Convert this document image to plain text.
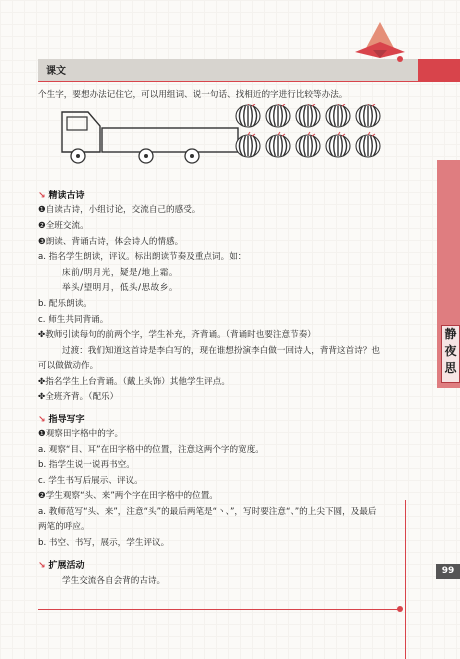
课文
个生字，要想办法记住它，可以用组词、说一句话、找相近的字进行比较等办法。
↘ 精读古诗
❶自读古诗，小组讨论，交流自己的感受。
❷全班交流。
❸朗读、背诵古诗，体会诗人的情感。
a. 指名学生朗读，评议。标出朗读节奏及重点词。如：
床前/明月光，疑是/地上霜。
举头/望明月，低头/思故乡。
b. 配乐朗读。
c. 师生共同背诵。
✤教师引读每句的前两个字，学生补充，齐背诵。（背诵时也要注意节奏）
过渡：我们知道这首诗是李白写的，现在谁想扮演李白做一回诗人，背背这首诗？也
可以做做动作。
✤指名学生上台背诵。（戴上头饰）其他学生评点。
✤全班齐背。（配乐）
↘ 指导写字
❶观察田字格中的字。
a. 观察“目、耳”在田字格中的位置，注意这两个字的宽度。
b. 指学生说一说再书空。
c. 学生书写后展示、评议。
❷学生观察“头、来”两个字在田字格中的位置。
a. 教师范写“头、来”，注意“头”的最后两笔是“丶、”，写时要注意“、”的上尖下圆，及最后
两笔的呼应。
b. 书空、书写，展示，学生评议。
↘ 扩展活动
学生交流各自会背的古诗。
静
夜
思
99
